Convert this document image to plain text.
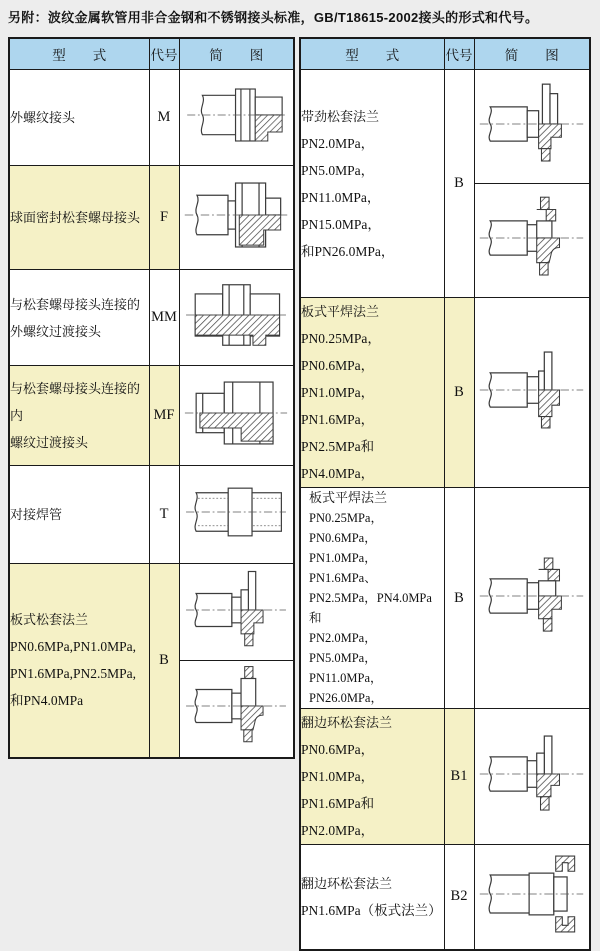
另附：波纹金属软管用非合金钢和不锈钢接头标准，GB/T18615-2002接头的形式和代号。
型　　式	代号	简　　图

外螺纹接头	M	

球面密封松套螺母接头	F	

与松套螺母接头连接的
外螺纹过渡接头	MM	

与松套螺母接头连接的内
螺纹过渡接头	MF	

对接焊管	T	

板式松套法兰
PN0.6MPa,PN1.0MPa,
PN1.6MPa,PN2.5MPa,
和PN4.0MPa	B	

型　　式	代号	简　　图

带劲松套法兰
PN2.0MPa，PN5.0MPa，
PN11.0MPa，PN15.0MPa，
和PN26.0MPa，	B	

板式平焊法兰
PN0.25MPa，PN0.6MPa，
PN1.0MPa，PN1.6MPa，
PN2.5MPa和PN4.0MPa，	B	

板式平焊法兰
PN0.25MPa，PN0.6MPa，
PN1.0MPa，PN1.6MPa、
PN2.5MPa，PN4.0MPa和
PN2.0MPa，PN5.0MPa，
PN11.0MPa，PN26.0MPa，
	B	

翻边环松套法兰
PN0.6MPa，PN1.0MPa，
PN1.6MPa和PN2.0MPa，	B1	

翻边环松套法兰
PN1.6MPa（板式法兰）	B2	
